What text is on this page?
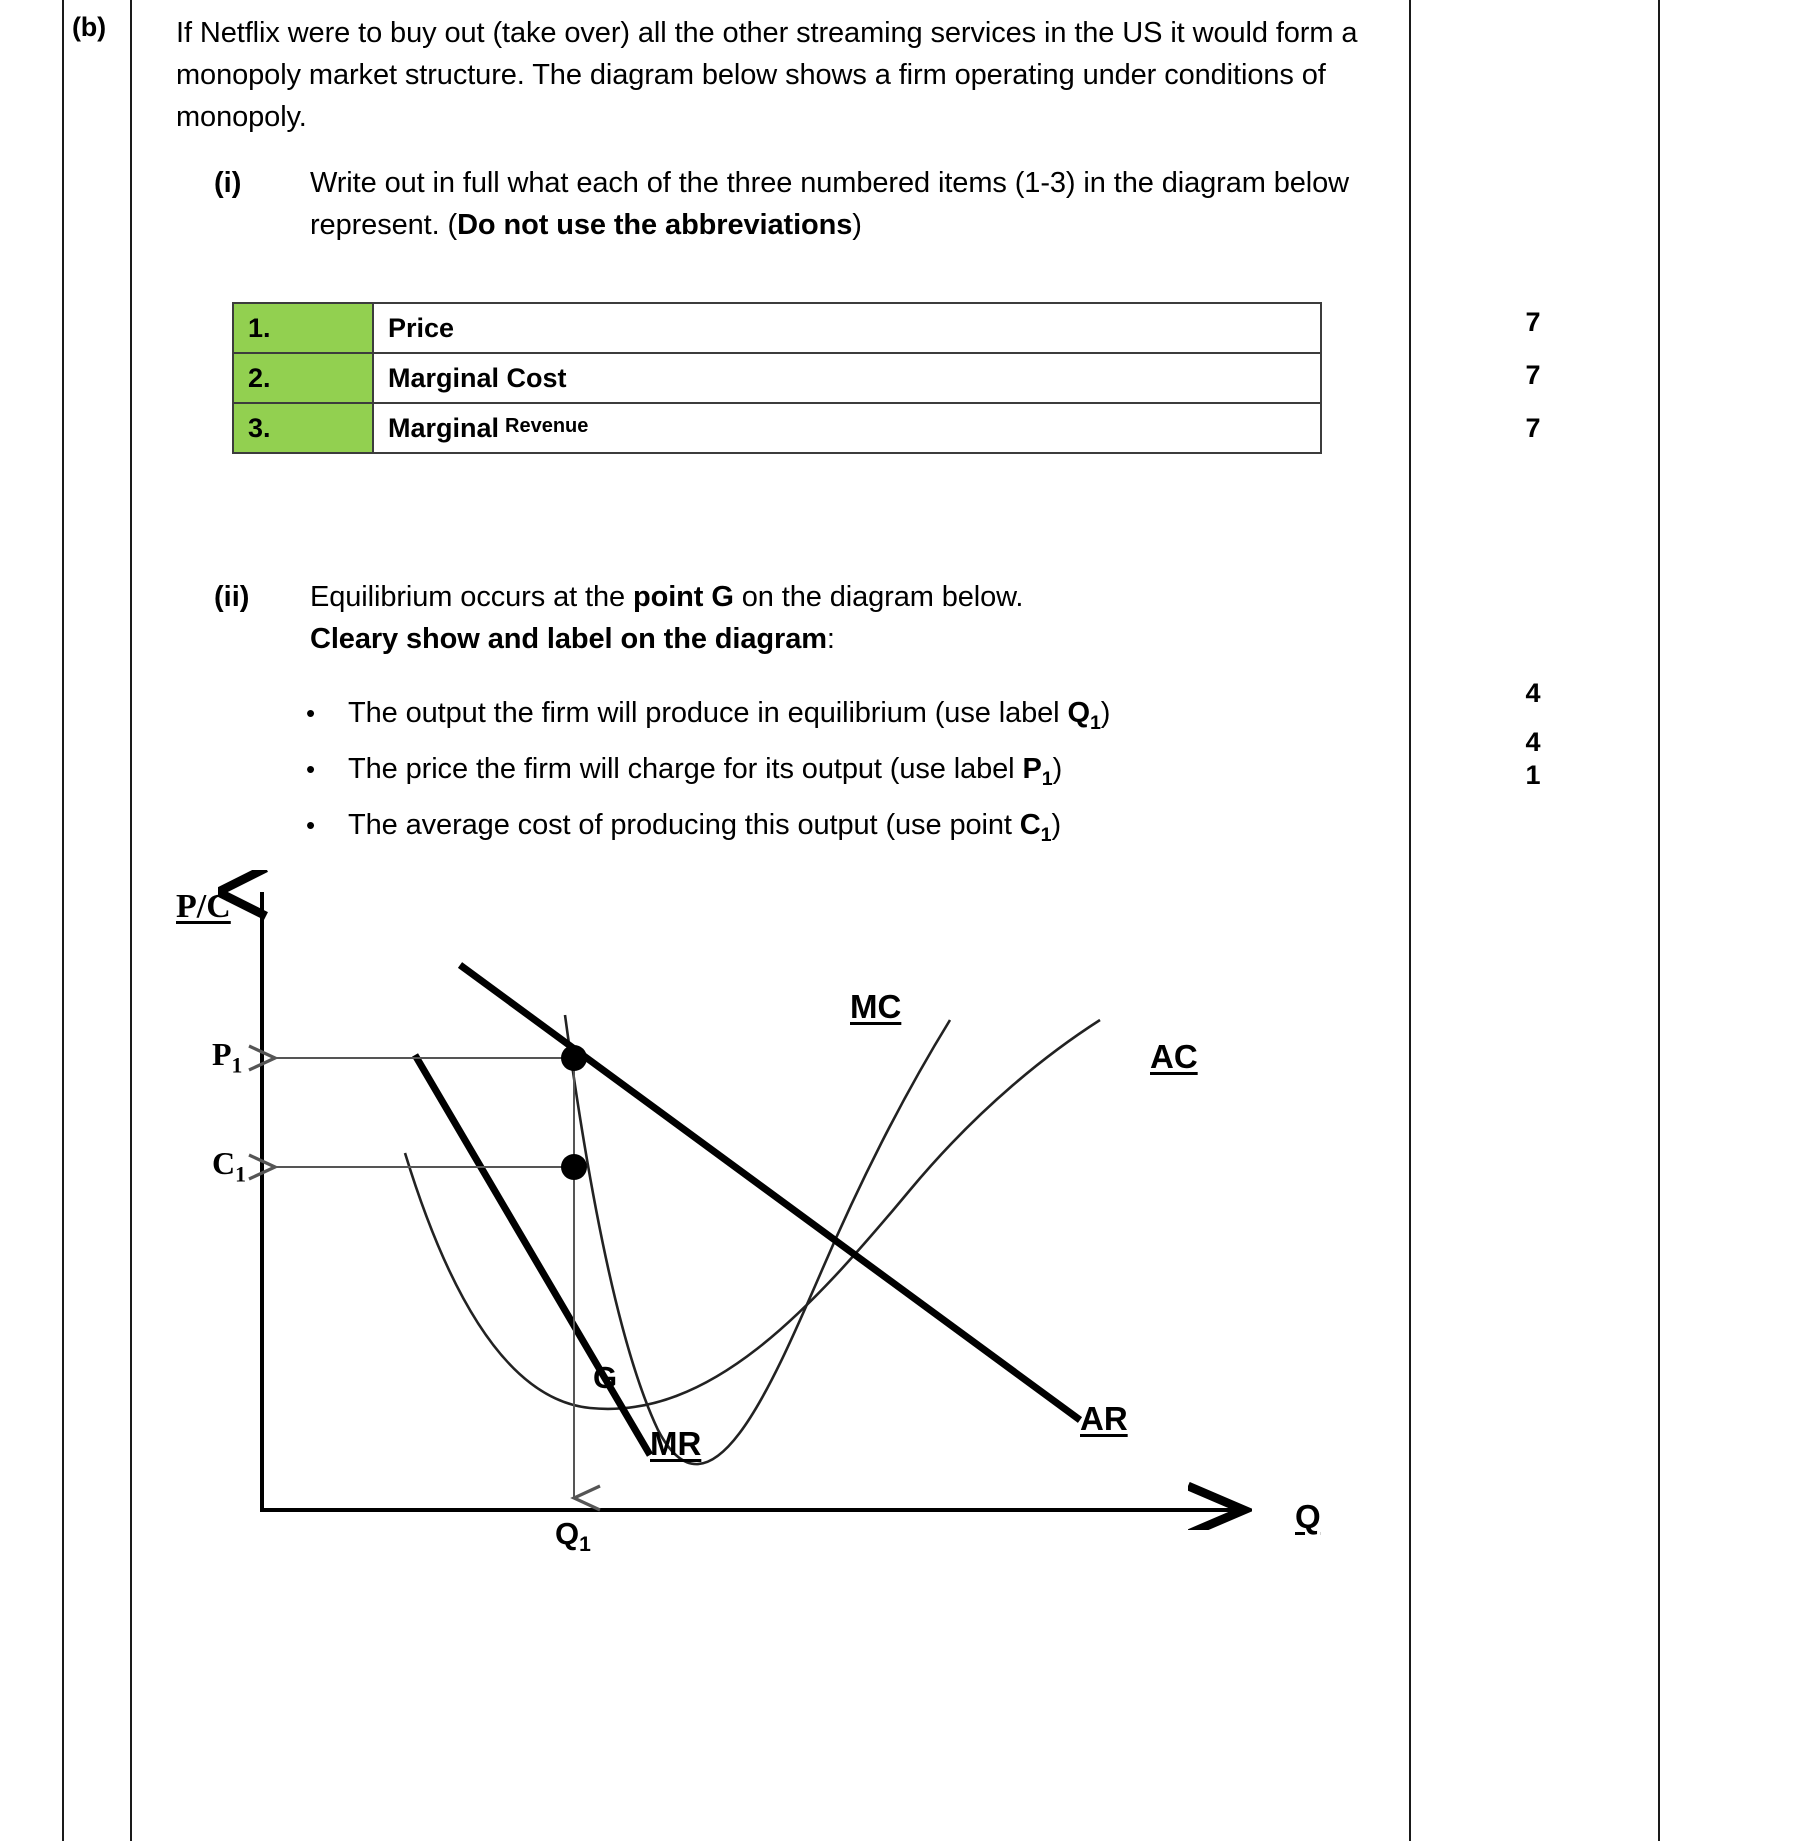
(b) If Netflix were to buy out (take over) all the other streaming services in the US it would form a monopoly market structure. The diagram below shows a firm operating under conditions of monopoly.
(i)	Write out in full what each of the three numbered items (1-3) in the diagram below represent. (Do not use the abbreviations)
1.	Price
2.	Marginal Cost
3.	Marginal Revenue
7
7
7
4
4
1
(ii)	Equilibrium occurs at the point G on the diagram below.
Cleary show and label on the diagram:
•	The output the firm will produce in equilibrium (use label $Q_1$)
•	The price the firm will charge for its output (use label $P_1$)
•	The average cost of producing this output (use point $C_1$)
P/C
$P_1$
$C_1$
MC
AC
AR
MR
G
$Q_1$
Q
